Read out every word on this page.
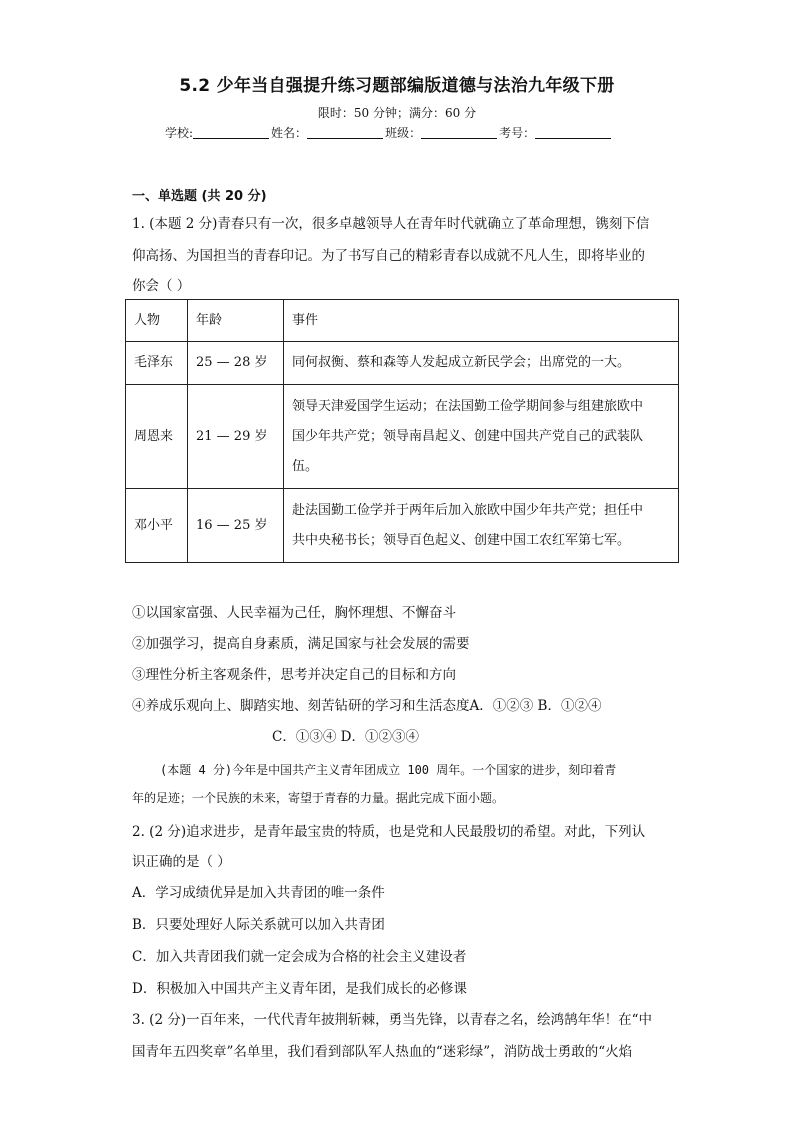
5.2 少年当自强提升练习题部编版道德与法治九年级下册
限时：50 分钟；满分：60 分
学校:	姓名：	班级：	考号：
一、单选题 (共 20 分)
1. (本题 2 分)青春只有一次，很多卓越领导人在青年时代就确立了革命理想，镌刻下信
仰高扬、为国担当的青春印记。为了书写自己的精彩青春以成就不凡人生，即将毕业的
你会（ ）
人物	年龄	事件
毛泽东	25 — 28 岁	同何叔衡、蔡和森等人发起成立新民学会；出席党的一大。

周恩来	21 — 29 岁	领导天津爱国学生运动；在法国勤工俭学期间参与组建旅欧中
国少年共产党；领导南昌起义、创建中国共产党自己的武装队
伍。

邓小平	16 — 25 岁	赴法国勤工俭学并于两年后加入旅欧中国少年共产党；担任中
共中央秘书长；领导百色起义、创建中国工农红军第七军。
①以国家富强、人民幸福为己任，胸怀理想、不懈奋斗
②加强学习，提高自身素质，满足国家与社会发展的需要
③理性分析主客观条件，思考并决定自己的目标和方向
④养成乐观向上、脚踏实地、刻苦钻研的学习和生活态度A．①②③ B．①②④
C．①③④ D．①②③④
(本题 4 分)今年是中国共产主义青年团成立 100 周年。一个国家的进步，刻印着青
年的足迹；一个民族的未来，寄望于青春的力量。据此完成下面小题。
2. (2 分)追求进步，是青年最宝贵的特质，也是党和人民最殷切的希望。对此，下列认
识正确的是（ ）
A．学习成绩优异是加入共青团的唯一条件
B．只要处理好人际关系就可以加入共青团
C．加入共青团我们就一定会成为合格的社会主义建设者
D．积极加入中国共产主义青年团，是我们成长的必修课
3. (2 分)一百年来，一代代青年披荆斩棘，勇当先锋，以青春之名，绘鸿鹄年华！在“中
国青年五四奖章”名单里，我们看到部队军人热血的“迷彩绿”，消防战士勇敢的“火焰
